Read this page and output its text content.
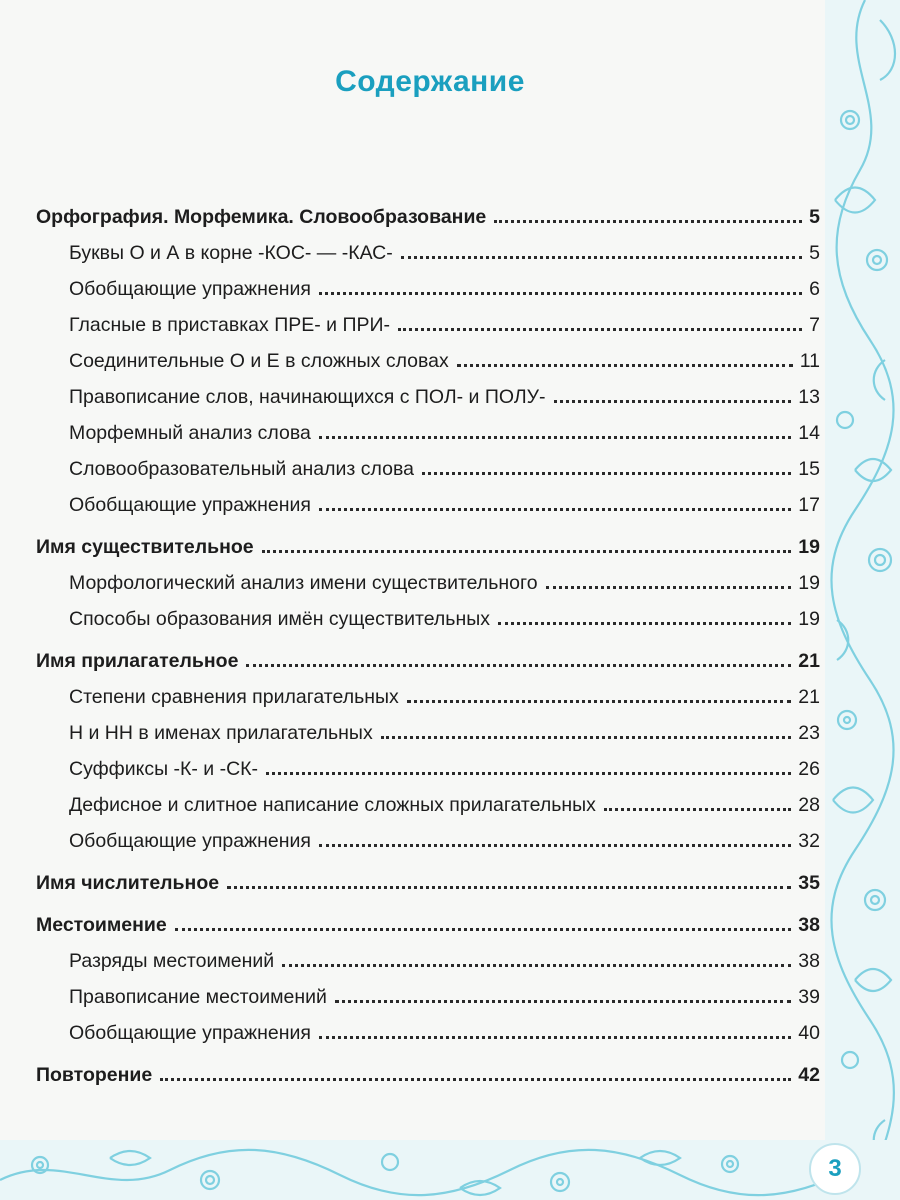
Содержание
Орфография. Морфемика. Словообразование	5
Буквы О и А в корне -КОС- — -КАС-	5
Обобщающие упражнения	6
Гласные в приставках ПРЕ- и ПРИ-	7
Соединительные О и Е в сложных словах	11
Правописание слов, начинающихся с ПОЛ- и ПОЛУ-	13
Морфемный анализ слова	14
Словообразовательный анализ слова	15
Обобщающие упражнения	17
Имя существительное	19
Морфологический анализ имени существительного	19
Способы образования имён существительных	19
Имя прилагательное	21
Степени сравнения прилагательных	21
Н и НН в именах прилагательных	23
Суффиксы -К- и -СК-	26
Дефисное и слитное написание сложных прилагательных	28
Обобщающие упражнения	32
Имя числительное	35
Местоимение	38
Разряды местоимений	38
Правописание местоимений	39
Обобщающие упражнения	40
Повторение	42
3
